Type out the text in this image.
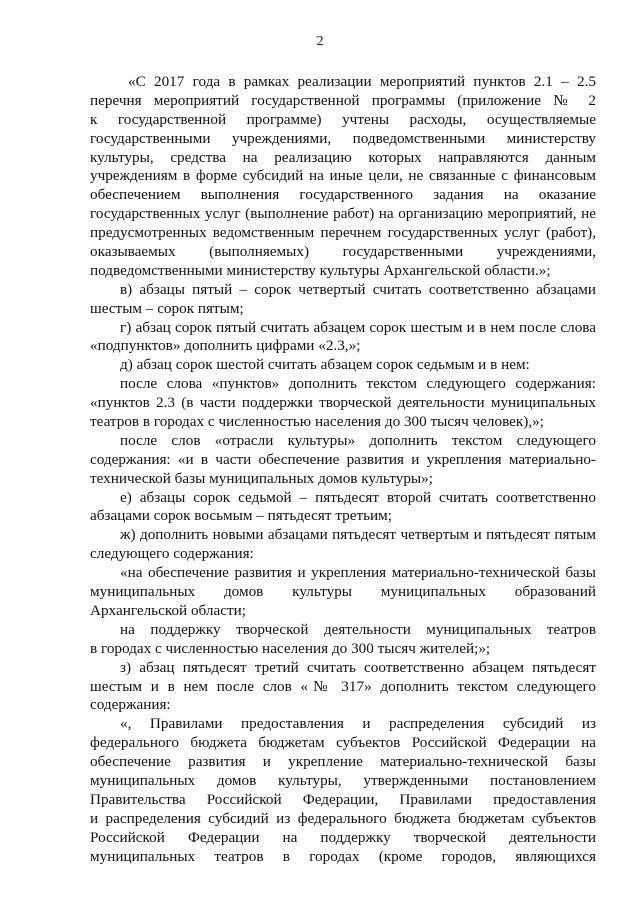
2
«С 2017 года в рамках реализации мероприятий пунктов 2.1 – 2.5
перечня мероприятий государственной программы (приложение № 2
к государственной программе) учтены расходы, осуществляемые
государственными учреждениями, подведомственными министерству
культуры, средства на реализацию которых направляются данным
учреждениям в форме субсидий на иные цели, не связанные с финансовым
обеспечением выполнения государственного задания на оказание
государственных услуг (выполнение работ) на организацию мероприятий, не
предусмотренных ведомственным перечнем государственных услуг (работ),
оказываемых (выполняемых) государственными учреждениями,
подведомственными министерству культуры Архангельской области.»;
в) абзацы пятый – сорок четвертый считать соответственно абзацами
шестым – сорок пятым;
г) абзац сорок пятый считать абзацем сорок шестым и в нем после слова
«подпунктов» дополнить цифрами «2.3,»;
д) абзац сорок шестой считать абзацем сорок седьмым и в нем:
после слова «пунктов» дополнить текстом следующего содержания:
«пунктов 2.3 (в части поддержки творческой деятельности муниципальных
театров в городах с численностью населения до 300 тысяч человек),»;
после слов «отрасли культуры» дополнить текстом следующего
содержания: «и в части обеспечение развития и укрепления материально-
технической базы муниципальных домов культуры»;
е) абзацы сорок седьмой – пятьдесят второй считать соответственно
абзацами сорок восьмым – пятьдесят третьим;
ж) дополнить новыми абзацами пятьдесят четвертым и пятьдесят пятым
следующего содержания:
«на обеспечение развития и укрепления материально-технической базы
муниципальных домов культуры муниципальных образований
Архангельской области;
на поддержку творческой деятельности муниципальных театров
в городах с численностью населения до 300 тысяч жителей;»;
з) абзац пятьдесят третий считать соответственно абзацем пятьдесят
шестым и в нем после слов «№ 317» дополнить текстом следующего
содержания:
«, Правилами предоставления и распределения субсидий из
федерального бюджета бюджетам субъектов Российской Федерации на
обеспечение развития и укрепление материально-технической базы
муниципальных домов культуры, утвержденными постановлением
Правительства Российской Федерации, Правилами предоставления
и распределения субсидий из федерального бюджета бюджетам субъектов
Российской Федерации на поддержку творческой деятельности
муниципальных театров в городах (кроме городов, являющихся
